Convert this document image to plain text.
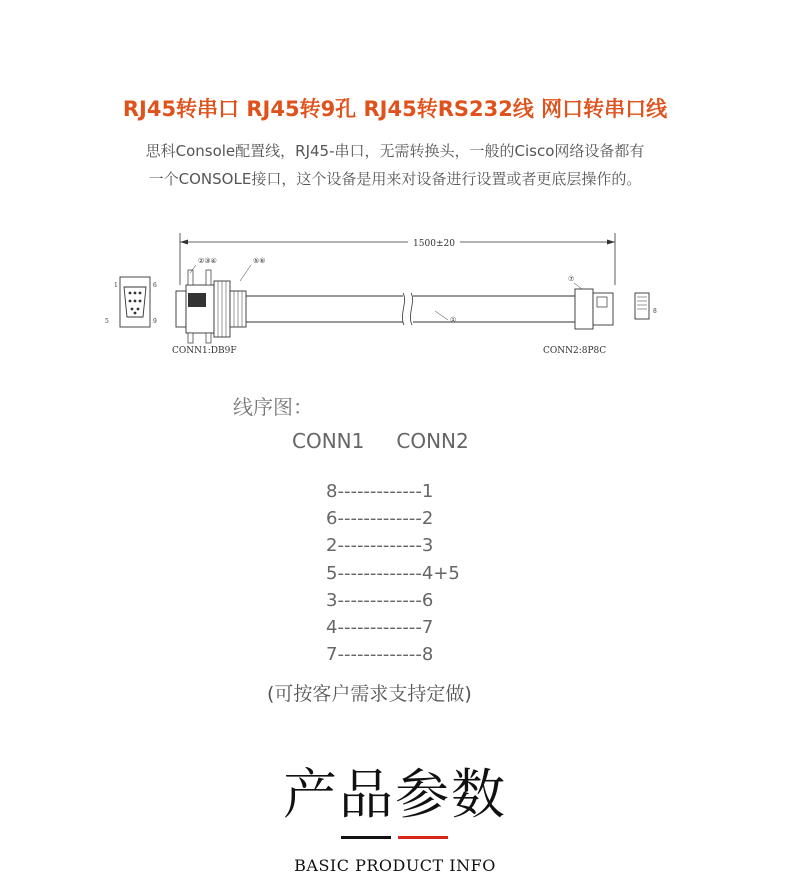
RJ45转串口 RJ45转9孔 RJ45转RS232线 网口转串口线
思科Console配置线，RJ45-串口，无需转换头，一般的Cisco网络设备都有
一个CONSOLE接口，这个设备是用来对设备进行设置或者更底层操作的。
1500±20
1	6
5	9
8
②③④	⑤⑥
⑦
①
CONN1:DB9F	CONN2:8P8C
线序图：
CONN1 CONN2
8-------------1
6-------------2
2-------------3
5-------------4+5
3-------------6
4-------------7
7-------------8
(可按客户需求支持定做)
产品参数
BASIC PRODUCT INFO
